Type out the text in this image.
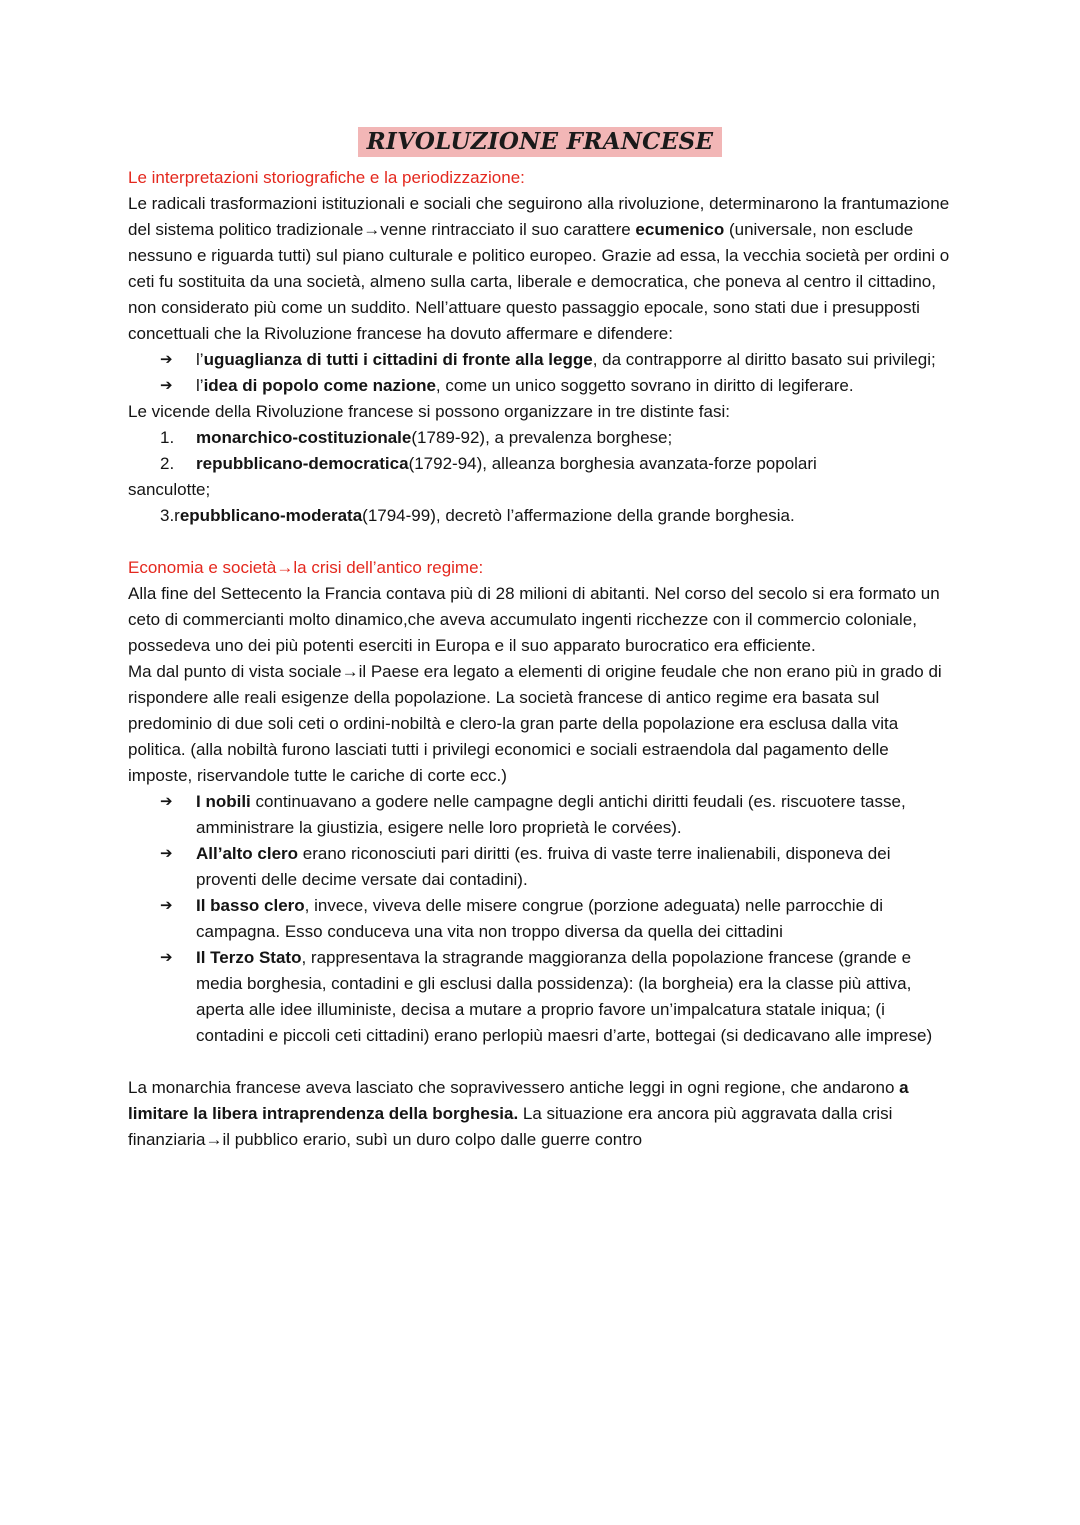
RIVOLUZIONE FRANCESE
Le interpretazioni storiografiche e la periodizzazione:
Le radicali trasformazioni istituzionali e sociali che seguirono alla rivoluzione, determinarono la frantumazione del sistema politico tradizionale→venne rintracciato il suo carattere ecumenico (universale, non esclude nessuno e riguarda tutti) sul piano culturale e politico europeo. Grazie ad essa, la vecchia società per ordini o ceti fu sostituita da una società, almeno sulla carta, liberale e democratica, che poneva al centro il cittadino, non considerato più come un suddito. Nell’attuare questo passaggio epocale, sono stati due i presupposti concettuali che la Rivoluzione francese ha dovuto affermare e difendere:
➔	l’uguaglianza di tutti i cittadini di fronte alla legge, da contrapporre al diritto basato sui privilegi;
➔	l’idea di popolo come nazione, come un unico soggetto sovrano in diritto di legiferare.
Le vicende della Rivoluzione francese si possono organizzare in tre distinte fasi:
1.	monarchico-costituzionale(1789-92), a prevalenza borghese;
2.	repubblicano-democratica(1792-94), alleanza borghesia avanzata-forze popolari
sanculotte;
3.repubblicano-moderata(1794-99), decretò l’affermazione della grande borghesia.
Economia e società→la crisi dell’antico regime:
Alla fine del Settecento la Francia contava più di 28 milioni di abitanti. Nel corso del secolo si era formato un ceto di commercianti molto dinamico,che aveva accumulato ingenti ricchezze con il commercio coloniale, possedeva uno dei più potenti eserciti in Europa e il suo apparato burocratico era efficiente.
Ma dal punto di vista sociale→il Paese era legato a elementi di origine feudale che non erano più in grado di rispondere alle reali esigenze della popolazione. La società francese di antico regime era basata sul predominio di due soli ceti o ordini-nobiltà e clero-la gran parte della popolazione era esclusa dalla vita politica. (alla nobiltà furono lasciati tutti i privilegi economici e sociali estraendola dal pagamento delle imposte, riservandole tutte le cariche di corte ecc.)
➔	I nobili continuavano a godere nelle campagne degli antichi diritti feudali (es. riscuotere tasse, amministrare la giustizia, esigere nelle loro proprietà le corvées).
➔	All’alto clero erano riconosciuti pari diritti (es. fruiva di vaste terre inalienabili, disponeva dei proventi delle decime versate dai contadini).
➔	Il basso clero, invece, viveva delle misere congrue (porzione adeguata) nelle parrocchie di campagna. Esso conduceva una vita non troppo diversa da quella dei cittadini
➔	Il Terzo Stato, rappresentava la stragrande maggioranza della popolazione francese (grande e media borghesia, contadini e gli esclusi dalla possidenza): (la borgheia) era la classe più attiva, aperta alle idee illuministe, decisa a mutare a proprio favore un’impalcatura statale iniqua; (i contadini e piccoli ceti cittadini) erano perlopiù maesri d’arte, bottegai (si dedicavano alle imprese)
La monarchia francese aveva lasciato che sopravivessero antiche leggi in ogni regione, che andarono a limitare la libera intraprendenza della borghesia. La situazione era ancora più aggravata dalla crisi finanziaria→il pubblico erario, subì un duro colpo dalle guerre contro
